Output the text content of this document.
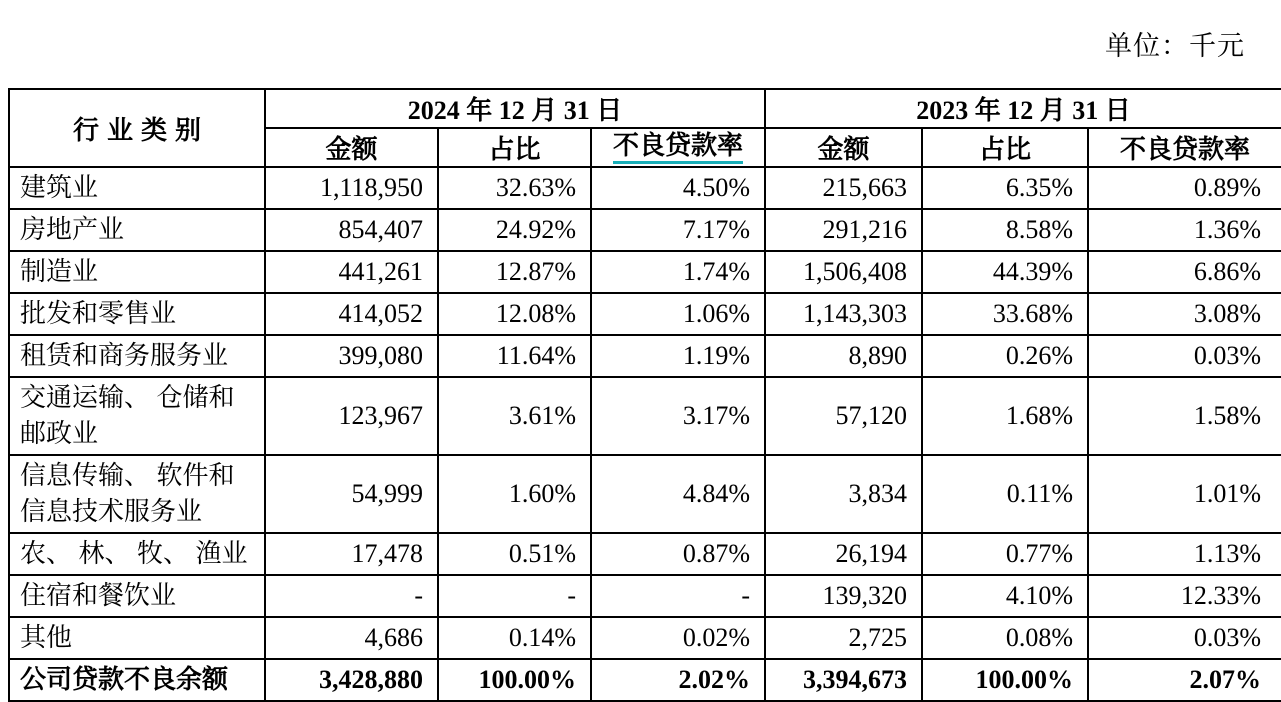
单位：千元
行业类别	2024 年 12 月 31 日			2023 年 12 月 31 日		
	金额	占比	不良贷款率	金额	占比	不良贷款率
建筑业	1,118,950	32.63%	4.50%	215,663	6.35%	0.89%
房地产业	854,407	24.92%	7.17%	291,216	8.58%	1.36%
制造业	441,261	12.87%	1.74%	1,506,408	44.39%	6.86%
批发和零售业	414,052	12.08%	1.06%	1,143,303	33.68%	3.08%
租赁和商务服务业	399,080	11.64%	1.19%	8,890	0.26%	0.03%
交通运输、 仓储和
邮政业	123,967	3.61%	3.17%	57,120	1.68%	1.58%
信息传输、 软件和
信息技术服务业	54,999	1.60%	4.84%	3,834	0.11%	1.01%
农、 林、 牧、 渔业	17,478	0.51%	0.87%	26,194	0.77%	1.13%
住宿和餐饮业	-	-	-	139,320	4.10%	12.33%
其他	4,686	0.14%	0.02%	2,725	0.08%	0.03%
公司贷款不良余额	3,428,880	100.00%	2.02%	3,394,673	100.00%	2.07%
